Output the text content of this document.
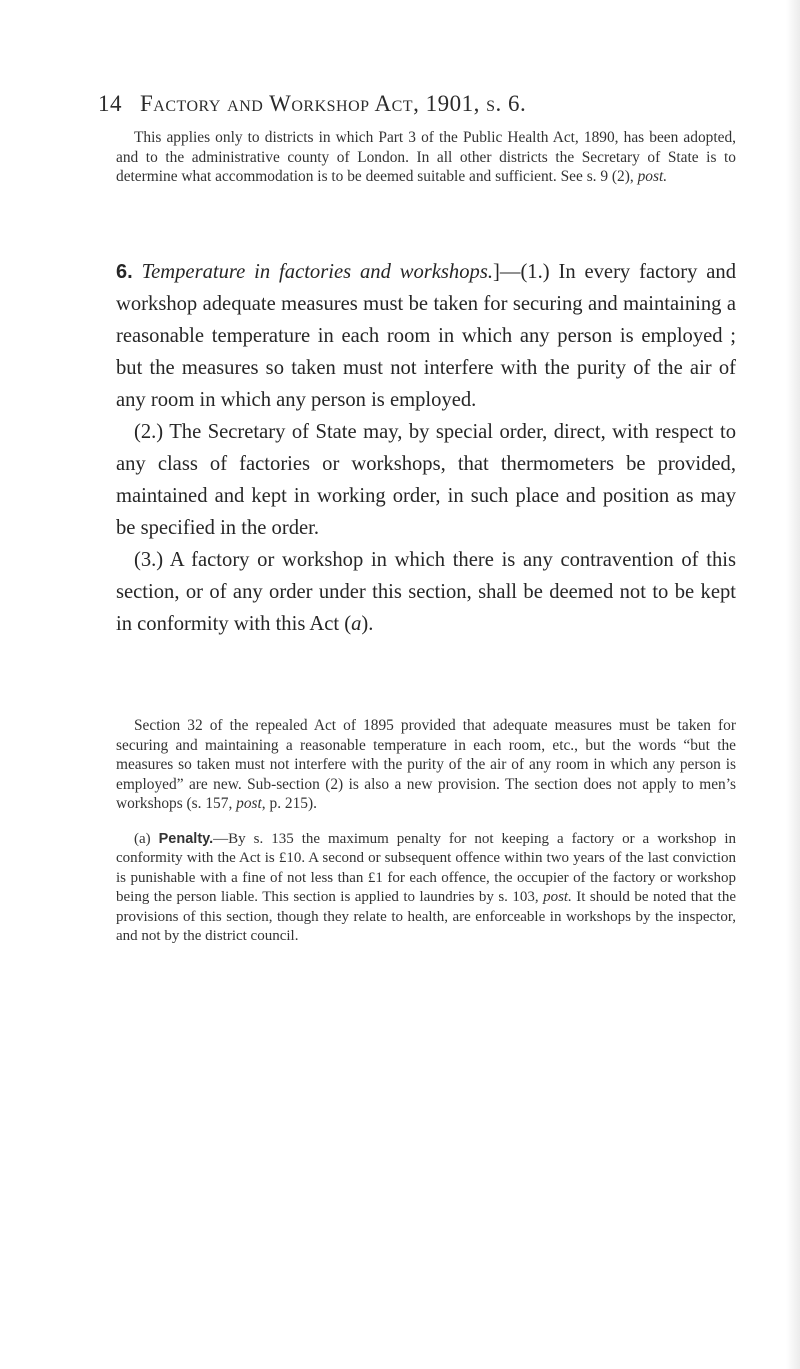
14 Factory and Workshop Act, 1901, s. 6.

This applies only to districts in which Part 3 of the Public Health Act, 1890, has been adopted, and to the administrative county of London. In all other districts the Secretary of State is to determine what accommodation is to be deemed suitable and sufficient. See s. 9 (2), post.

6. Temperature in factories and workshops.]—(1.) In every factory and workshop adequate measures must be taken for securing and maintaining a reasonable temperature in each room in which any person is employed ; but the measures so taken must not interfere with the purity of the air of any room in which any person is employed.

(2.) The Secretary of State may, by special order, direct, with respect to any class of factories or workshops, that thermometers be provided, maintained and kept in working order, in such place and position as may be specified in the order.

(3.) A factory or workshop in which there is any contravention of this section, or of any order under this section, shall be deemed not to be kept in conformity with this Act (a).

Section 32 of the repealed Act of 1895 provided that adequate measures must be taken for securing and maintaining a reasonable temperature in each room, etc., but the words “but the measures so taken must not interfere with the purity of the air of any room in which any person is employed” are new. Sub-section (2) is also a new provision. The section does not apply to men’s workshops (s. 157, post, p. 215).

(a) Penalty.—By s. 135 the maximum penalty for not keeping a factory or a workshop in conformity with the Act is £10. A second or subsequent offence within two years of the last conviction is punishable with a fine of not less than £1 for each offence, the occupier of the factory or workshop being the person liable. This section is applied to laundries by s. 103, post. It should be noted that the provisions of this section, though they relate to health, are enforceable in workshops by the inspector, and not by the district council.
